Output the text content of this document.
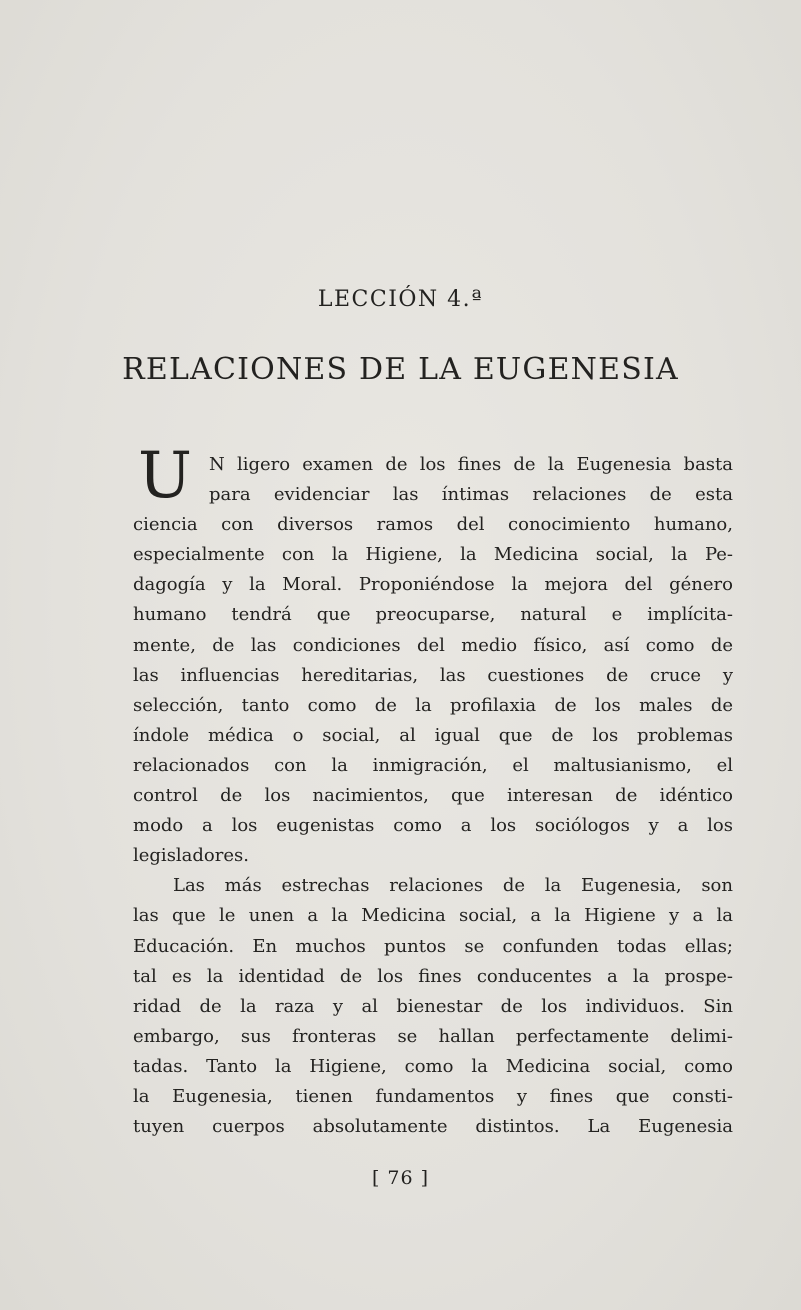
LECCIÓN 4.ª
RELACIONES DE LA EUGENESIA
U N ligero examen de los fines de la Eugenesia basta
para evidenciar las íntimas relaciones de esta
ciencia con diversos ramos del conocimiento humano,
especialmente con la Higiene, la Medicina social, la Pe-
dagogía y la Moral. Proponiéndose la mejora del género
humano tendrá que preocuparse, natural e implícita-
mente, de las condiciones del medio físico, así como de
las influencias hereditarias, las cuestiones de cruce y
selección, tanto como de la profilaxia de los males de
índole médica o social, al igual que de los problemas
relacionados con la inmigración, el maltusianismo, el
control de los nacimientos, que interesan de idéntico
modo a los eugenistas como a los sociólogos y a los
legisladores.
Las más estrechas relaciones de la Eugenesia, son
las que le unen a la Medicina social, a la Higiene y a la
Educación. En muchos puntos se confunden todas ellas;
tal es la identidad de los fines conducentes a la prospe-
ridad de la raza y al bienestar de los individuos. Sin
embargo, sus fronteras se hallan perfectamente delimi-
tadas. Tanto la Higiene, como la Medicina social, como
la Eugenesia, tienen fundamentos y fines que consti-
tuyen cuerpos absolutamente distintos. La Eugenesia
[ 76 ]
